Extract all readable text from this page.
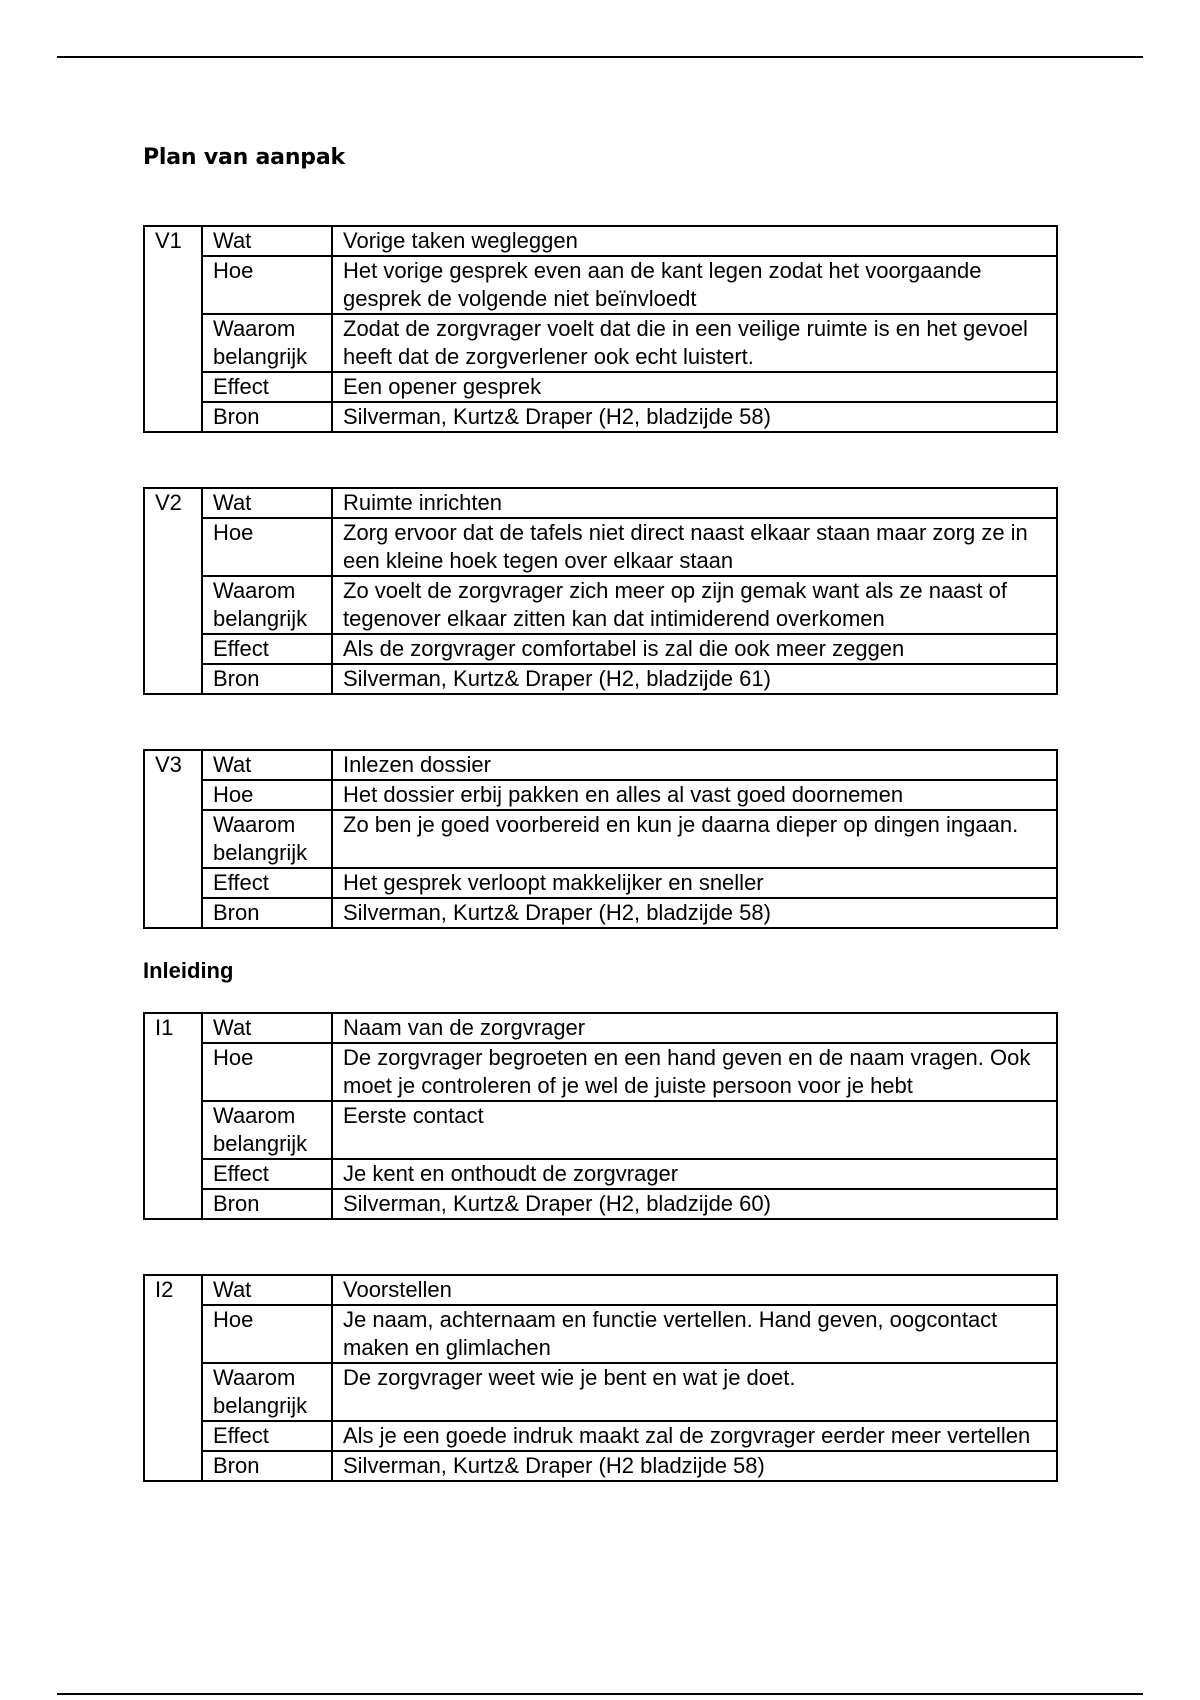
Plan van aanpak
V1	Wat	Vorige taken wegleggen
	Hoe	Het vorige gesprek even aan de kant legen zodat het voorgaande gesprek de volgende niet beïnvloedt
	Waarom belangrijk	Zodat de zorgvrager voelt dat die in een veilige ruimte is en het gevoel heeft dat de zorgverlener ook echt luistert.
	Effect	Een opener gesprek
	Bron	Silverman, Kurtz& Draper (H2, bladzijde 58)
V2	Wat	Ruimte inrichten
	Hoe	Zorg ervoor dat de tafels niet direct naast elkaar staan maar zorg ze in een kleine hoek tegen over elkaar staan
	Waarom belangrijk	Zo voelt de zorgvrager zich meer op zijn gemak want als ze naast of tegenover elkaar zitten kan dat intimiderend overkomen
	Effect	Als de zorgvrager comfortabel is zal die ook meer zeggen
	Bron	Silverman, Kurtz& Draper (H2, bladzijde 61)
V3	Wat	Inlezen dossier
	Hoe	Het dossier erbij pakken en alles al vast goed doornemen
	Waarom belangrijk	Zo ben je goed voorbereid en kun je daarna dieper op dingen ingaan.
	Effect	Het gesprek verloopt makkelijker en sneller
	Bron	Silverman, Kurtz& Draper (H2, bladzijde 58)
Inleiding
I1	Wat	Naam van de zorgvrager
	Hoe	De zorgvrager begroeten en een hand geven en de naam vragen. Ook moet je controleren of je wel de juiste persoon voor je hebt
	Waarom belangrijk	Eerste contact
	Effect	Je kent en onthoudt de zorgvrager
	Bron	Silverman, Kurtz& Draper (H2, bladzijde 60)
I2	Wat	Voorstellen
	Hoe	Je naam, achternaam en functie vertellen. Hand geven, oogcontact maken en glimlachen
	Waarom belangrijk	De zorgvrager weet wie je bent en wat je doet.
	Effect	Als je een goede indruk maakt zal de zorgvrager eerder meer vertellen
	Bron	Silverman, Kurtz& Draper (H2 bladzijde 58)
